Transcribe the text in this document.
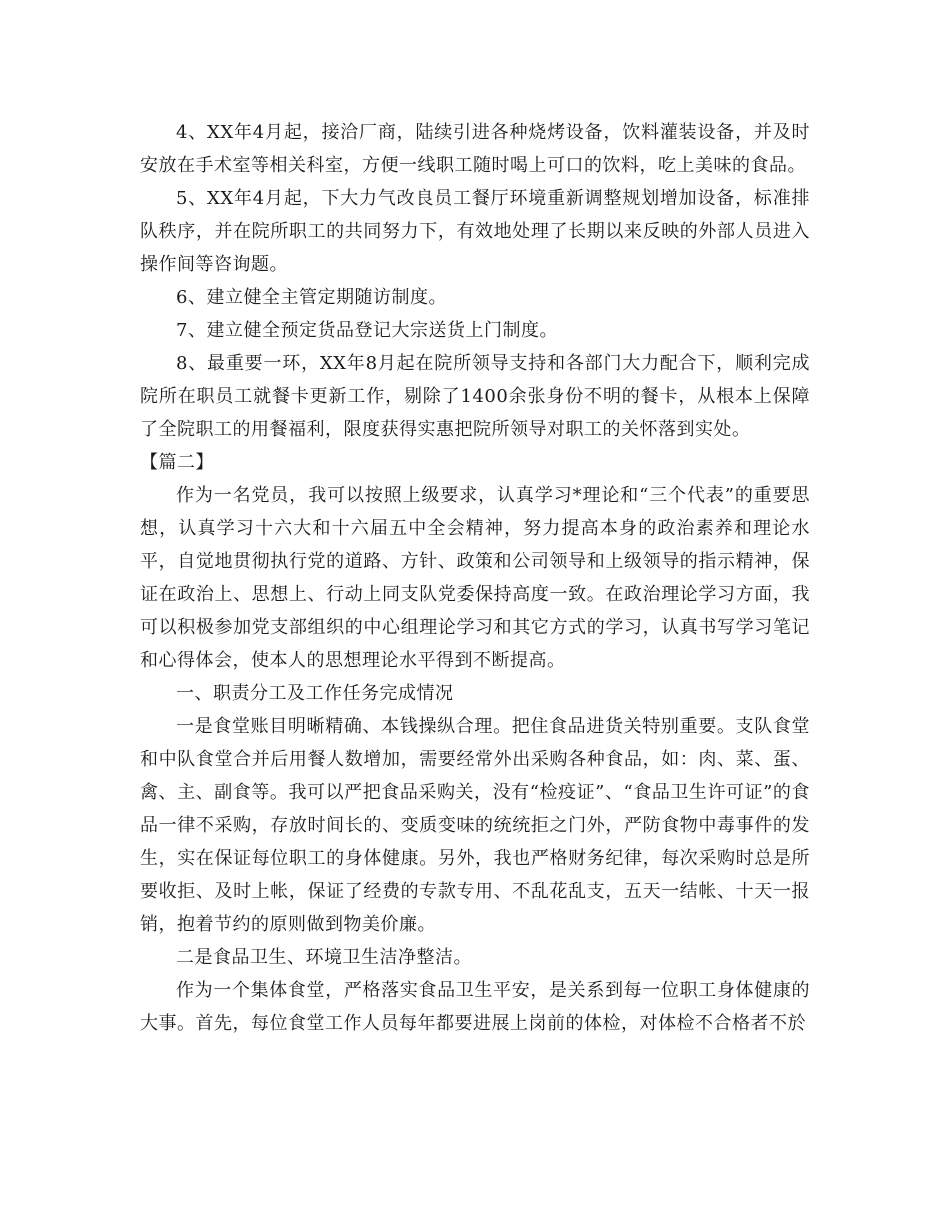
4、XX年4月起，接洽厂商，陆续引进各种烧烤设备，饮料灌装设备，并及时安放在手术室等相关科室，方便一线职工随时喝上可口的饮料，吃上美味的食品。

5、XX年4月起，下大力气改良员工餐厅环境重新调整规划增加设备，标准排队秩序，并在院所职工的共同努力下，有效地处理了长期以来反映的外部人员进入操作间等咨询题。

6、建立健全主管定期随访制度。

7、建立健全预定货品登记大宗送货上门制度。

8、最重要一环，XX年8月起在院所领导支持和各部门大力配合下，顺利完成院所在职员工就餐卡更新工作，剔除了1400余张身份不明的餐卡，从根本上保障了全院职工的用餐福利，限度获得实惠把院所领导对职工的关怀落到实处。

【篇二】

作为一名党员，我可以按照上级要求，认真学习*理论和“三个代表”的重要思想，认真学习十六大和十六届五中全会精神，努力提高本身的政治素养和理论水平，自觉地贯彻执行党的道路、方针、政策和公司领导和上级领导的指示精神，保证在政治上、思想上、行动上同支队党委保持高度一致。在政治理论学习方面，我可以积极参加党支部组织的中心组理论学习和其它方式的学习，认真书写学习笔记和心得体会，使本人的思想理论水平得到不断提高。

一、职责分工及工作任务完成情况

一是食堂账目明晰精确、本钱操纵合理。把住食品进货关特别重要。支队食堂和中队食堂合并后用餐人数增加，需要经常外出采购各种食品，如：肉、菜、蛋、禽、主、副食等。我可以严把食品采购关，没有“检疫证”、“食品卫生许可证”的食品一律不采购，存放时间长的、变质变味的统统拒之门外，严防食物中毒事件的发生，实在保证每位职工的身体健康。另外，我也严格财务纪律，每次采购时总是所要收拒、及时上帐，保证了经费的专款专用、不乱花乱支，五天一结帐、十天一报销，抱着节约的原则做到物美价廉。

二是食品卫生、环境卫生洁净整洁。

作为一个集体食堂，严格落实食品卫生平安，是关系到每一位职工身体健康的大事。首先，每位食堂工作人员每年都要进展上岗前的体检，对体检不合格者不於
